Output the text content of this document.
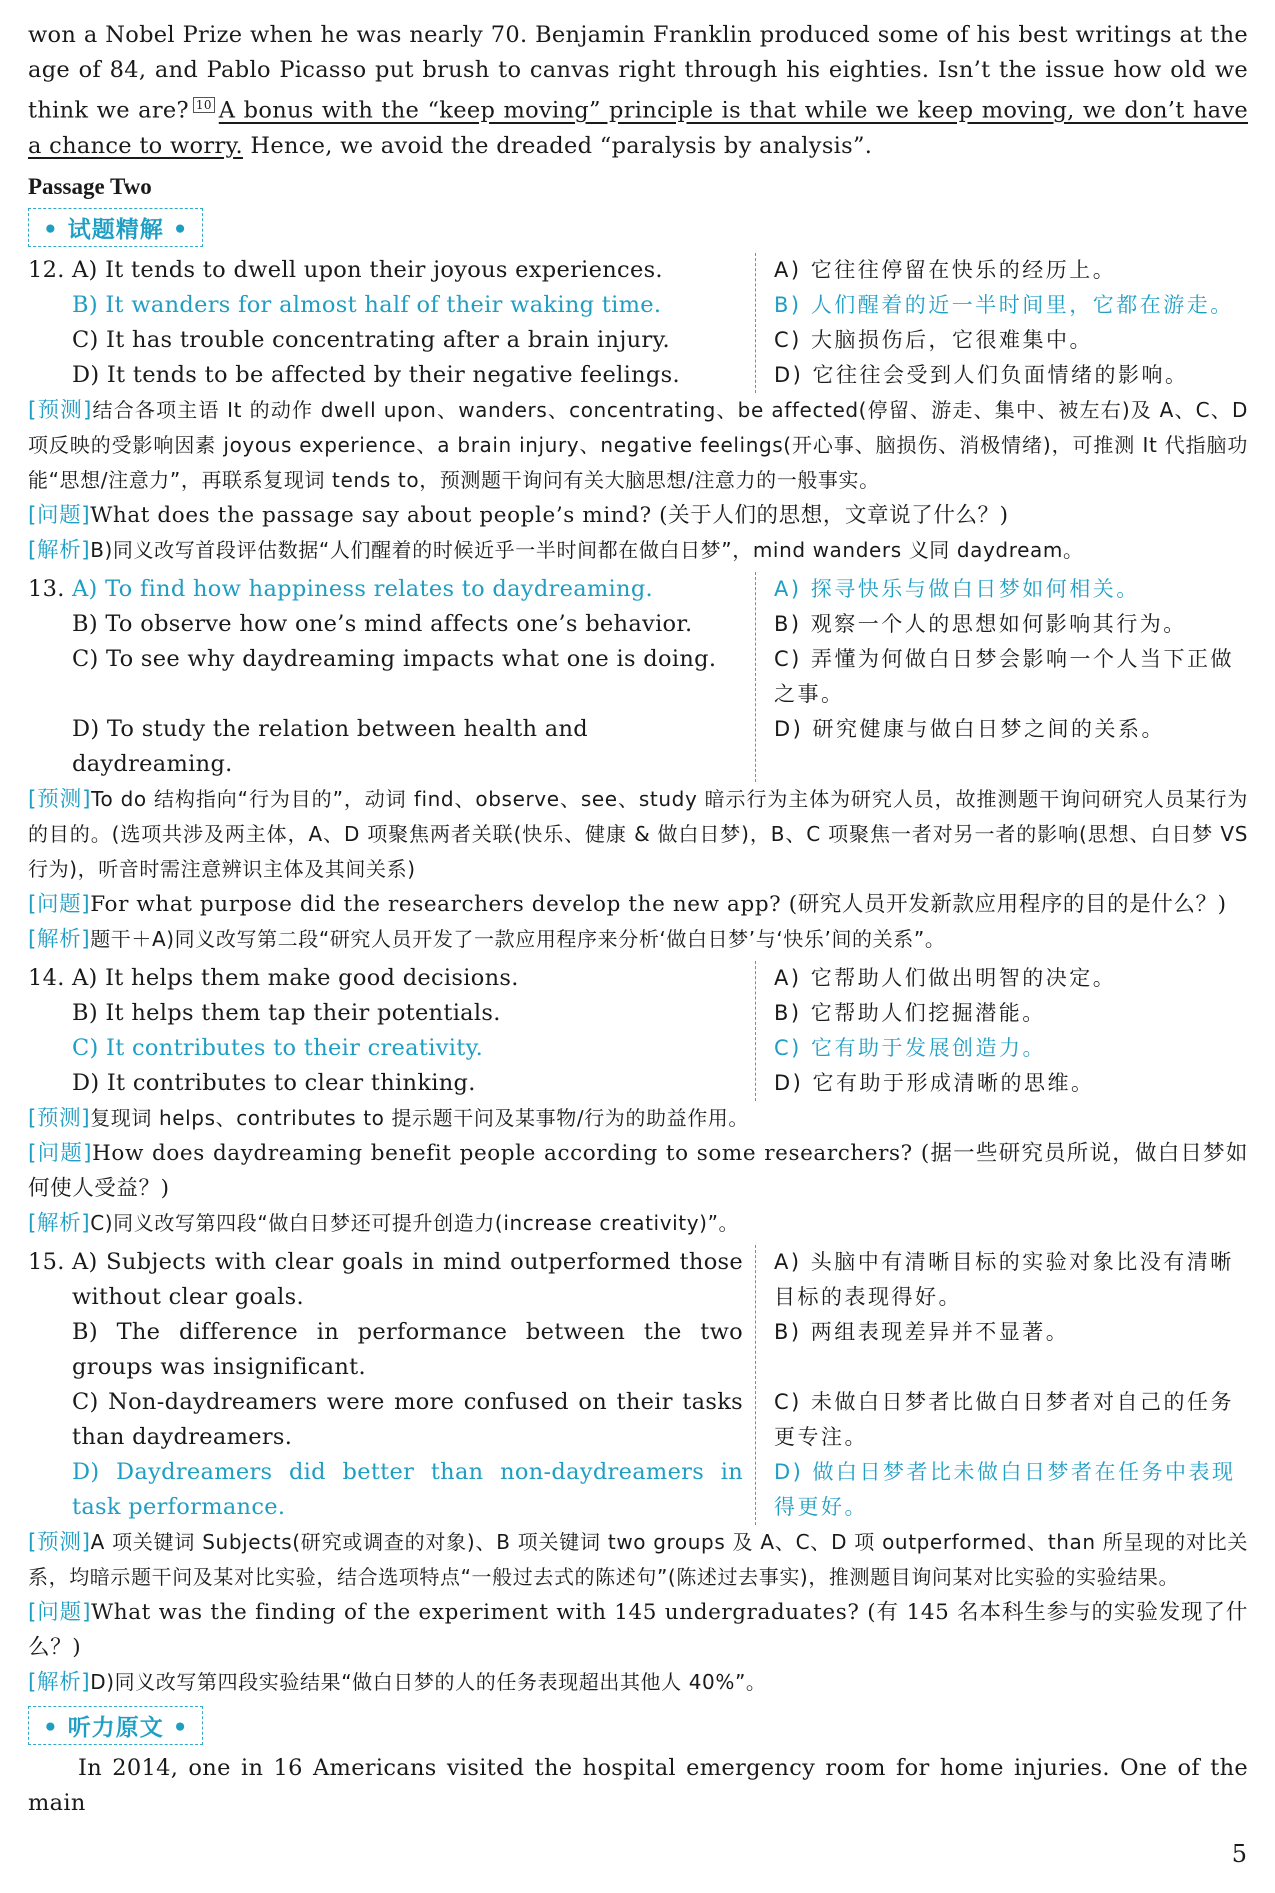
won a Nobel Prize when he was nearly 70. Benjamin Franklin produced some of his best writings at the age of 84, and Pablo Picasso put brush to canvas right through his eighties. Isn’t the issue how old we think we are? $^{10}$ A bonus with the “keep moving” principle is that while we keep moving, we don’t have a chance to worry. Hence, we avoid the dreaded “paralysis by analysis”.

Passage Two
• 试题精解 •
12. A) It tends to dwell upon their joyous experiences.
B) It wanders for almost half of their waking time.
C) It has trouble concentrating after a brain injury.
D) It tends to be affected by their negative feelings.
A) 它往往停留在快乐的经历上。
B) 人们醒着的近一半时间里，它都在游走。
C) 大脑损伤后，它很难集中。
D) 它往往会受到人们负面情绪的影响。

[预测]结合各项主语 It 的动作 dwell upon、wanders、concentrating、be affected(停留、游走、集中、被左右)及 A、C、D 项反映的受影响因素 joyous experience、a brain injury、negative feelings(开心事、脑损伤、消极情绪)，可推测 It 代指脑功能“思想/注意力”，再联系复现词 tends to，预测题干询问有关大脑思想/注意力的一般事实。

[问题]What does the passage say about people’s mind? (关于人们的思想，文章说了什么？)

[解析]B)同义改写首段评估数据“人们醒着的时候近乎一半时间都在做白日梦”，mind wanders 义同 daydream。

13. A) To find how happiness relates to daydreaming.
B) To observe how one’s mind affects one’s behavior.
C) To see why daydreaming impacts what one is doing.
D) To study the relation between health and daydreaming.
A) 探寻快乐与做白日梦如何相关。
B) 观察一个人的思想如何影响其行为。
C) 弄懂为何做白日梦会影响一个人当下正做之事。
D) 研究健康与做白日梦之间的关系。

[预测]To do 结构指向“行为目的”，动词 find、observe、see、study 暗示行为主体为研究人员，故推测题干询问研究人员某行为的目的。(选项共涉及两主体，A、D 项聚焦两者关联(快乐、健康 & 做白日梦)，B、C 项聚焦一者对另一者的影响(思想、白日梦 VS 行为)，听音时需注意辨识主体及其间关系)

[问题]For what purpose did the researchers develop the new app? (研究人员开发新款应用程序的目的是什么？)

[解析]题干＋A)同义改写第二段“研究人员开发了一款应用程序来分析‘做白日梦’与‘快乐’间的关系”。

14. A) It helps them make good decisions.
B) It helps them tap their potentials.
C) It contributes to their creativity.
D) It contributes to clear thinking.
A) 它帮助人们做出明智的决定。
B) 它帮助人们挖掘潜能。
C) 它有助于发展创造力。
D) 它有助于形成清晰的思维。

[预测]复现词 helps、contributes to 提示题干问及某事物/行为的助益作用。

[问题]How does daydreaming benefit people according to some researchers? (据一些研究员所说，做白日梦如何使人受益？)

[解析]C)同义改写第四段“做白日梦还可提升创造力(increase creativity)”。

15. A) Subjects with clear goals in mind outperformed those without clear goals.
B) The difference in performance between the two groups was insignificant.
C) Non-daydreamers were more confused on their tasks than daydreamers.
D) Daydreamers did better than non-daydreamers in task performance.
A) 头脑中有清晰目标的实验对象比没有清晰目标的表现得好。
B) 两组表现差异并不显著。
C) 未做白日梦者比做白日梦者对自己的任务更专注。
D) 做白日梦者比未做白日梦者在任务中表现得更好。

[预测]A 项关键词 Subjects(研究或调查的对象)、B 项关键词 two groups 及 A、C、D 项 outperformed、than 所呈现的对比关系，均暗示题干问及某对比实验，结合选项特点“一般过去式的陈述句”(陈述过去事实)，推测题目询问某对比实验的实验结果。

[问题]What was the finding of the experiment with 145 undergraduates? (有 145 名本科生参与的实验发现了什么？)

[解析]D)同义改写第四段实验结果“做白日梦的人的任务表现超出其他人 40%”。

• 听力原文 •

In 2014, one in 16 Americans visited the hospital emergency room for home injuries. One of the main

5
